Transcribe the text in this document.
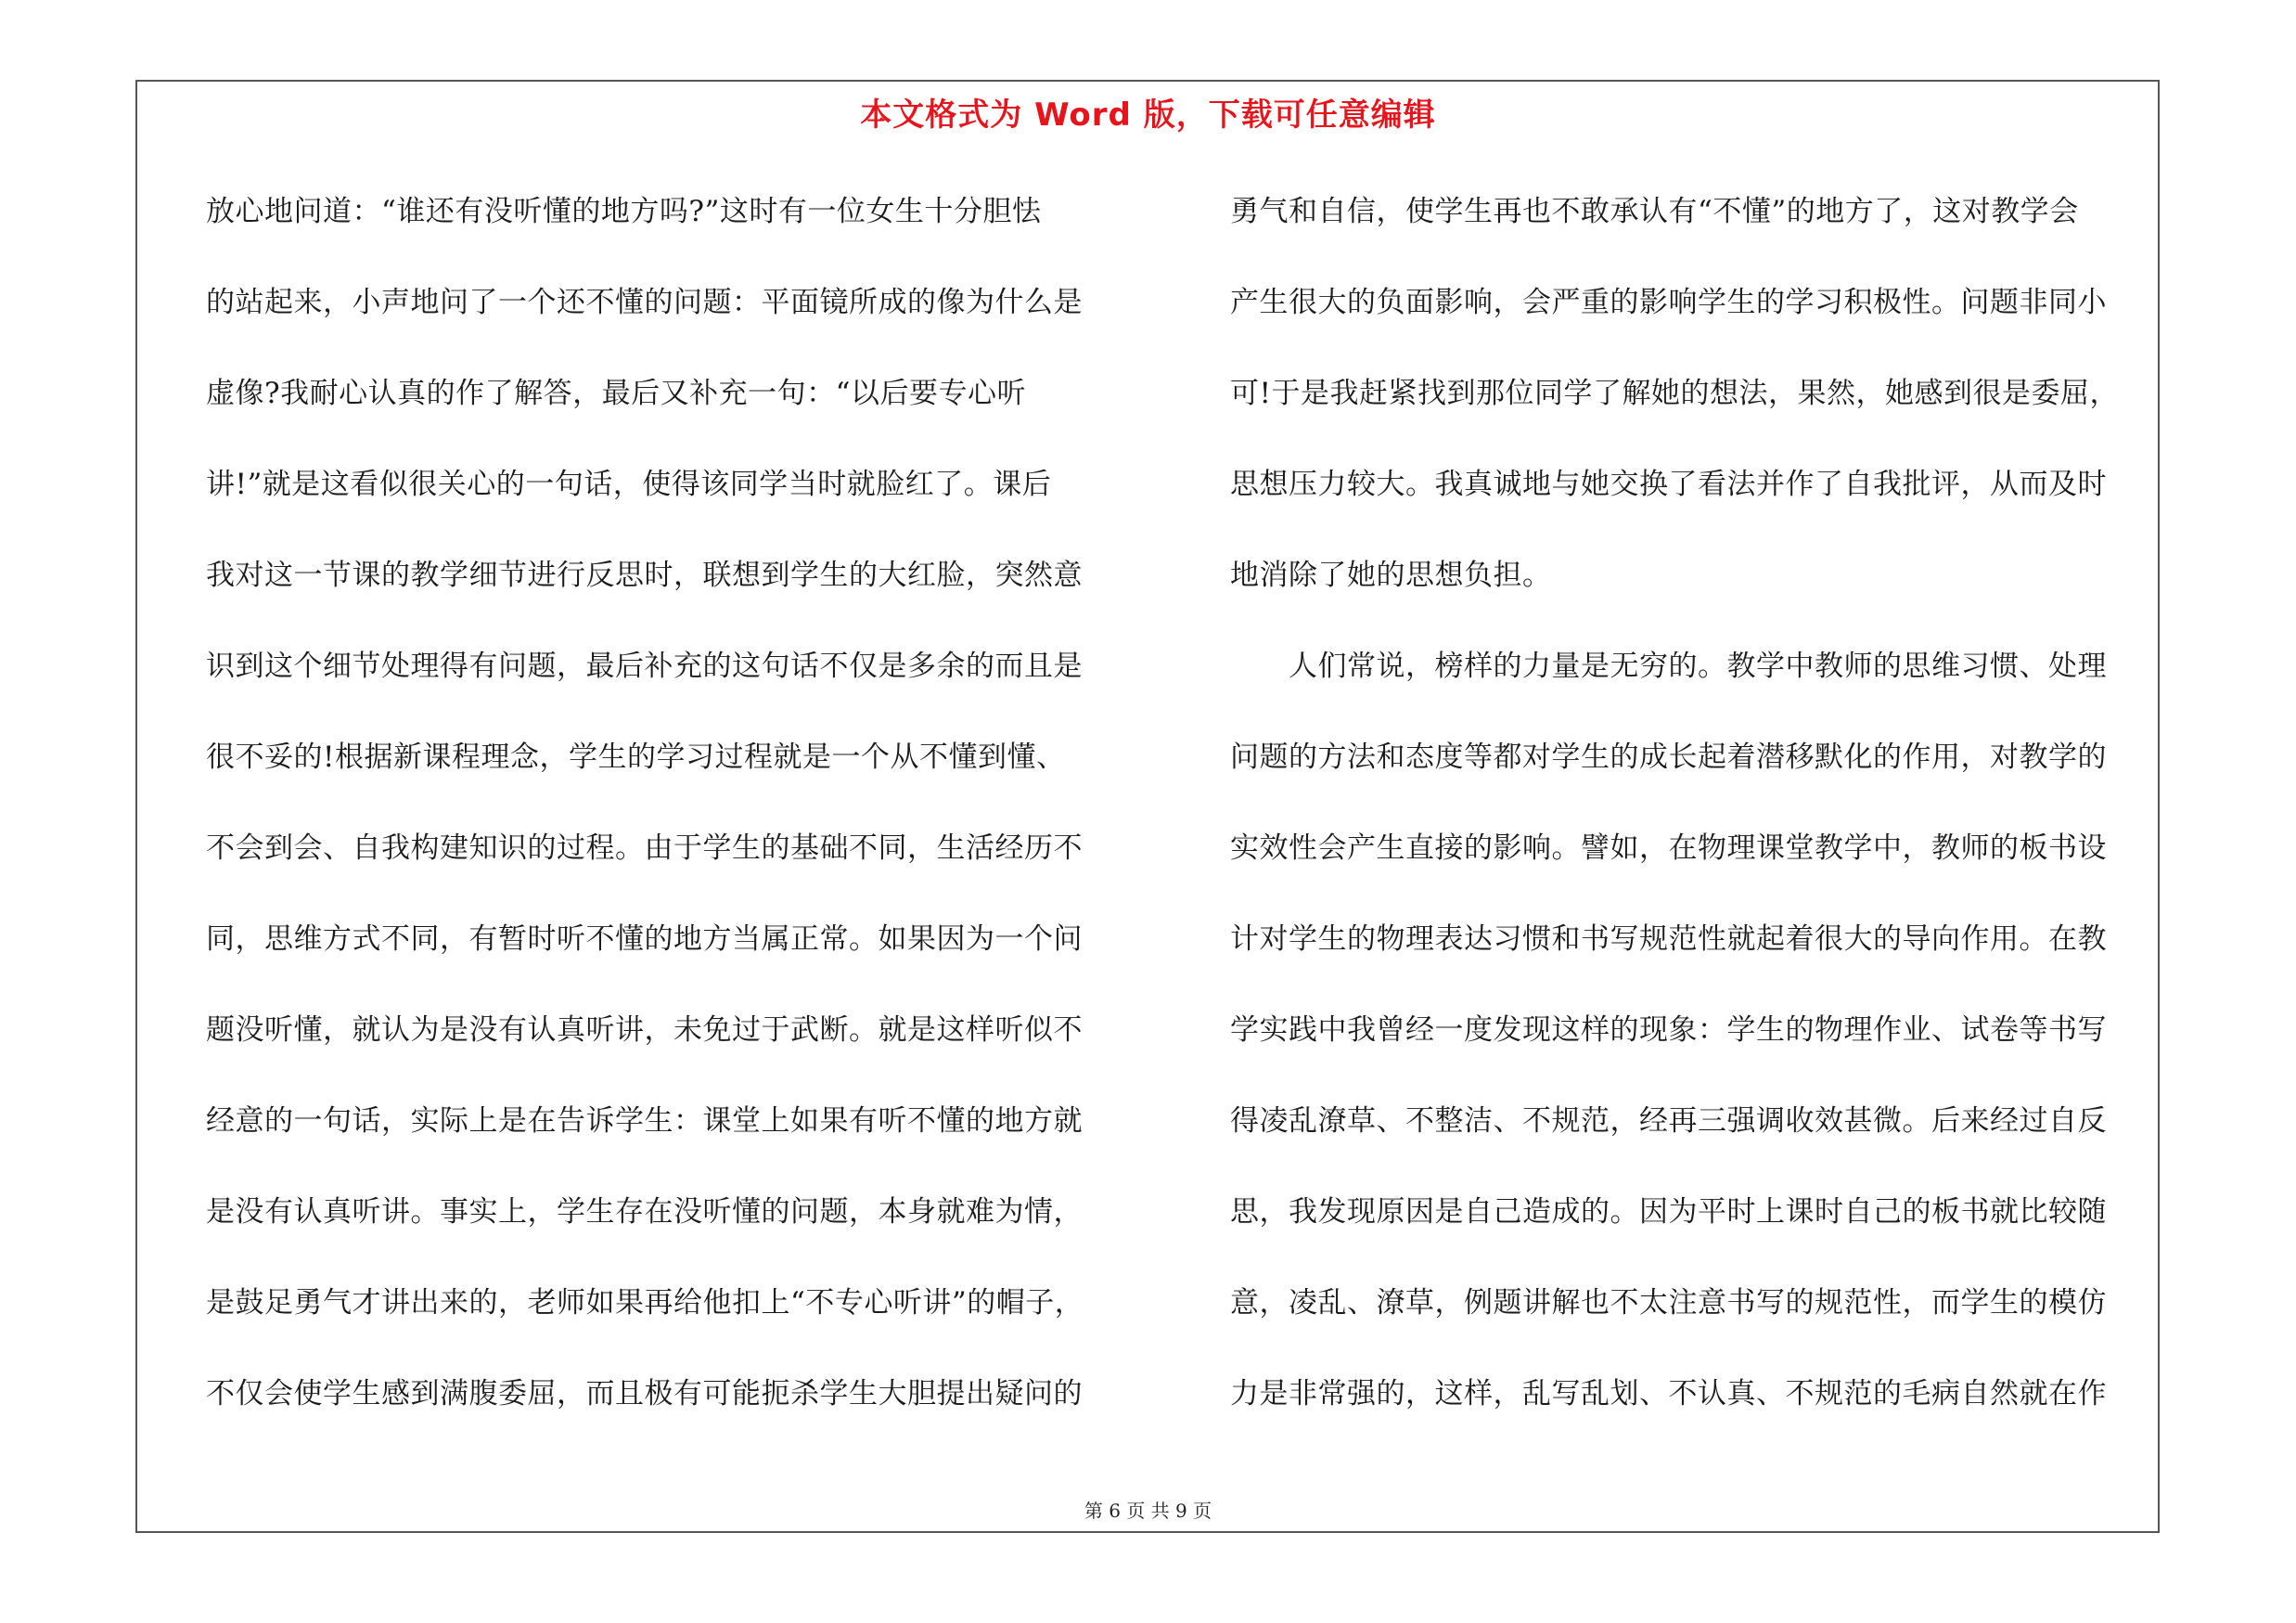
本文格式为 Word 版，下载可任意编辑
放心地问道：“谁还有没听懂的地方吗?”这时有一位女生十分胆怯
的站起来，小声地问了一个还不懂的问题：平面镜所成的像为什么是
虚像?我耐心认真的作了解答，最后又补充一句：“以后要专心听
讲!”就是这看似很关心的一句话，使得该同学当时就脸红了。课后
我对这一节课的教学细节进行反思时，联想到学生的大红脸，突然意
识到这个细节处理得有问题，最后补充的这句话不仅是多余的而且是
很不妥的!根据新课程理念，学生的学习过程就是一个从不懂到懂、
不会到会、自我构建知识的过程。由于学生的基础不同，生活经历不
同，思维方式不同，有暂时听不懂的地方当属正常。如果因为一个问
题没听懂，就认为是没有认真听讲，未免过于武断。就是这样听似不
经意的一句话，实际上是在告诉学生：课堂上如果有听不懂的地方就
是没有认真听讲。事实上，学生存在没听懂的问题，本身就难为情，
是鼓足勇气才讲出来的，老师如果再给他扣上“不专心听讲”的帽子，
不仅会使学生感到满腹委屈，而且极有可能扼杀学生大胆提出疑问的
勇气和自信，使学生再也不敢承认有“不懂”的地方了，这对教学会
产生很大的负面影响，会严重的影响学生的学习积极性。问题非同小
可!于是我赶紧找到那位同学了解她的想法，果然，她感到很是委屈，
思想压力较大。我真诚地与她交换了看法并作了自我批评，从而及时
地消除了她的思想负担。
　　人们常说，榜样的力量是无穷的。教学中教师的思维习惯、处理
问题的方法和态度等都对学生的成长起着潜移默化的作用，对教学的
实效性会产生直接的影响。譬如，在物理课堂教学中，教师的板书设
计对学生的物理表达习惯和书写规范性就起着很大的导向作用。在教
学实践中我曾经一度发现这样的现象：学生的物理作业、试卷等书写
得凌乱潦草、不整洁、不规范，经再三强调收效甚微。后来经过自反
思，我发现原因是自己造成的。因为平时上课时自己的板书就比较随
意，凌乱、潦草，例题讲解也不太注意书写的规范性，而学生的模仿
力是非常强的，这样，乱写乱划、不认真、不规范的毛病自然就在作
第 6 页 共 9 页
